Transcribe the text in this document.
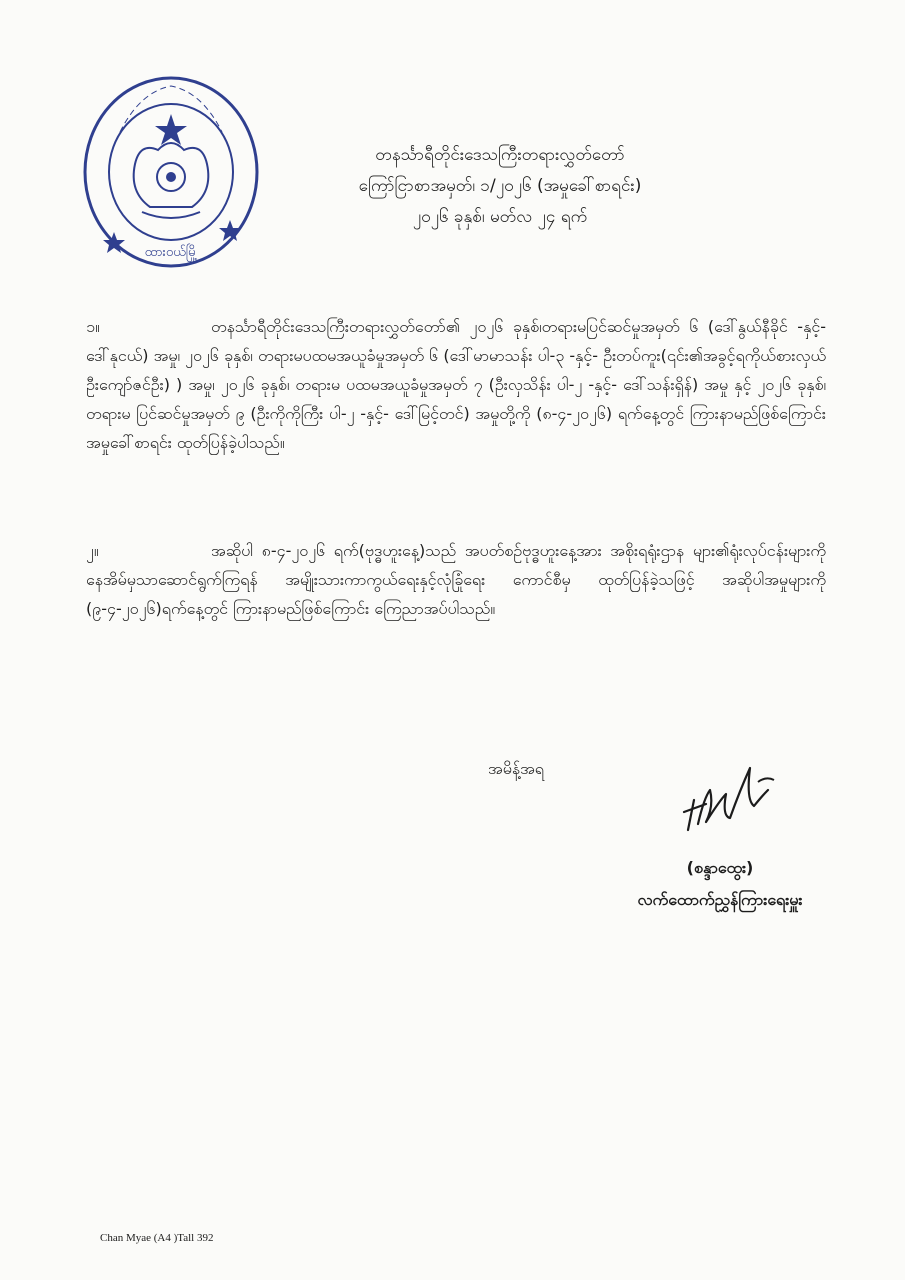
ထားဝယ်မြို့
တနင်္သာရီတိုင်းဒေသကြီးတရားလွှတ်တော်
ကြော်ငြာစာအမှတ်၊ ၁/၂၀၂၆ (အမှုခေါ်စာရင်း)
၂၀၂၆ ခုနှစ်၊ မတ်လ ၂၄ ရက်
၁။	တနင်္သာရီတိုင်းဒေသကြီးတရားလွှတ်တော်၏ ၂၀၂၆ ခုနှစ်၊တရားမပြင်ဆင်မှုအမှတ် ၆ (ဒေါ်နွယ်နီခိုင် -နှင့်- ဒေါ်နုငယ်) အမှု၊ ၂၀၂၆ ခုနှစ်၊ တရားမပထမအယူခံမှုအမှတ် ၆ (ဒေါ်မာမာသန်း ပါ-၃ -နှင့်- ဦးတပ်ကူး(၎င်း၏အခွင့်ရကိုယ်စားလှယ် ဦးကျော်ဇင်ဦး) ) အမှု၊ ၂၀၂၆ ခုနှစ်၊ တရားမ ပထမအယူခံမှုအမှတ် ၇ (ဦးလှသိန်း ပါ-၂ -နှင့်- ဒေါ်သန်းရှိန်) အမှု နှင့် ၂၀၂၆ ခုနှစ်၊ တရားမ ပြင်ဆင်မှုအမှတ် ၉ (ဦးကိုကိုကြီး ပါ-၂ -နှင့်- ဒေါ်မြင့်တင်) အမှုတို့ကို (၈-၄-၂၀၂၆) ရက်နေ့တွင် ကြားနာမည်ဖြစ်ကြောင်း အမှုခေါ်စာရင်း ထုတ်ပြန်ခဲ့ပါသည်။
၂။	အဆိုပါ ၈-၄-၂၀၂၆ ရက်(ဗုဒ္ဓဟူးနေ့)သည် အပတ်စဉ်ဗုဒ္ဓဟူးနေ့အား အစိုးရရုံးဌာန များ၏ရုံးလုပ်ငန်းများကို နေအိမ်မှသာဆောင်ရွက်ကြရန် အမျိုးသားကာကွယ်ရေးနှင့်လုံခြုံရေး ကောင်စီမှ ထုတ်ပြန်ခဲ့သဖြင့် အဆိုပါအမှုများကို (၉-၄-၂၀၂၆)ရက်နေ့တွင် ကြားနာမည်ဖြစ်ကြောင်း ကြေညာအပ်ပါသည်။
အမိန့်အရ
(စန္ဒာထွေး)
လက်ထောက်ညွှန်ကြားရေးမှူး
Chan Myae (A4 )Tall 392
